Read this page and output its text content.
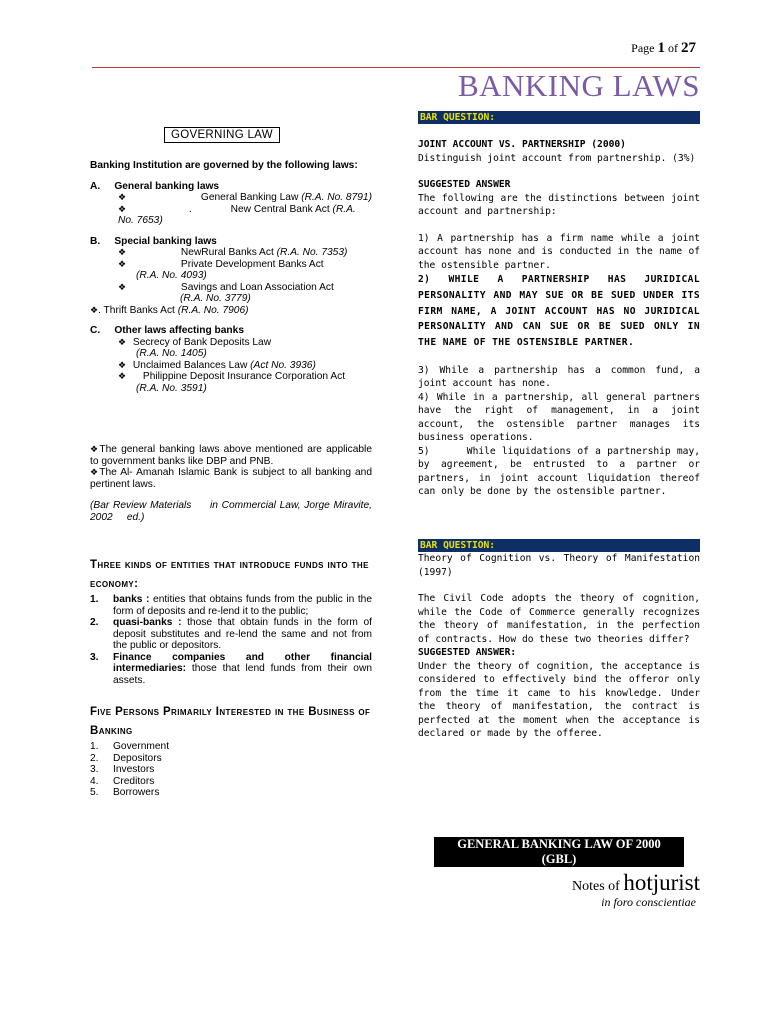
Page 1 of 27
BANKING LAWS
GOVERNING LAW
Banking Institution are governed by the following laws:
A. General banking laws
❖	General Banking Law (R.A. No. 8791)
❖	.	New Central Bank Act (R.A. No. 7653)
B. Special banking laws
❖	NewRural Banks Act (R.A. No. 7353)
❖	Private Development Banks Act
(R.A. No. 4093)
❖	Savings and Loan Association Act
(R.A. No. 3779)
❖. Thrift Banks Act (R.A. No. 7906)
C. Other laws affecting banks
❖ Secrecy of Bank Deposits Law
(R.A. No. 1405)
❖ Unclaimed Balances Law (Act No. 3936)
❖ Philippine Deposit Insurance Corporation Act
(R.A. No. 3591)
❖The general banking laws above mentioned are applicable to government banks like DBP and PNB.
❖The Al- Amanah Islamic Bank is subject to all banking and pertinent laws.
(Bar Review Materials     in Commercial Law, Jorge Miravite, 2002     ed.)
Three kinds of entities that introduce funds into the economy:
1.	banks : entities that obtains funds from the public in the form of deposits and re-lend it to the public;
2.	quasi-banks : those that obtain funds in the form of deposit substitutes and re-lend the same and not from the public or depositors.
3.	Finance companies and other financial intermediaries: those that lend funds from their own assets.
Five Persons Primarily Interested in the Business of Banking
1. Government
2. Depositors
3. Investors
4. Creditors
5. Borrowers
BAR QUESTION:
JOINT ACCOUNT VS. PARTNERSHIP (2000)
Distinguish joint account from partnership. (3%)
SUGGESTED ANSWER
The following are the distinctions between joint account and partnership:
1) A partnership has a firm name while a joint account has none and is conducted in the name of the ostensible partner.
2) WHILE A PARTNERSHIP HAS JURIDICAL PERSONALITY AND MAY SUE OR BE SUED UNDER ITS FIRM NAME, A JOINT ACCOUNT HAS NO JURIDICAL PERSONALITY AND CAN SUE OR BE SUED ONLY IN THE NAME OF THE OSTENSIBLE PARTNER.
3) While a partnership has a common fund, a joint account has none.
4) While in a partnership, all general partners have the right of management, in a joint account, the ostensible partner manages its business operations.
5)      While liquidations of a partnership may, by agreement, be entrusted to a partner or partners, in joint account liquidation thereof can only be done by the ostensible partner.
BAR QUESTION:
Theory of Cognition vs. Theory of Manifestation (1997)
The Civil Code adopts the theory of cognition, while the Code of Commerce generally recognizes the theory of manifestation, in the perfection of contracts. How do these two theories differ?
SUGGESTED ANSWER:
Under the theory of cognition, the acceptance is considered to effectively bind the offeror only from the time it came to his knowledge. Under the theory of manifestation, the contract is perfected at the moment when the acceptance is declared or made by the offeree.
GENERAL BANKING LAW OF 2000
(GBL)
Notes of hotjurist
in foro conscientiae
